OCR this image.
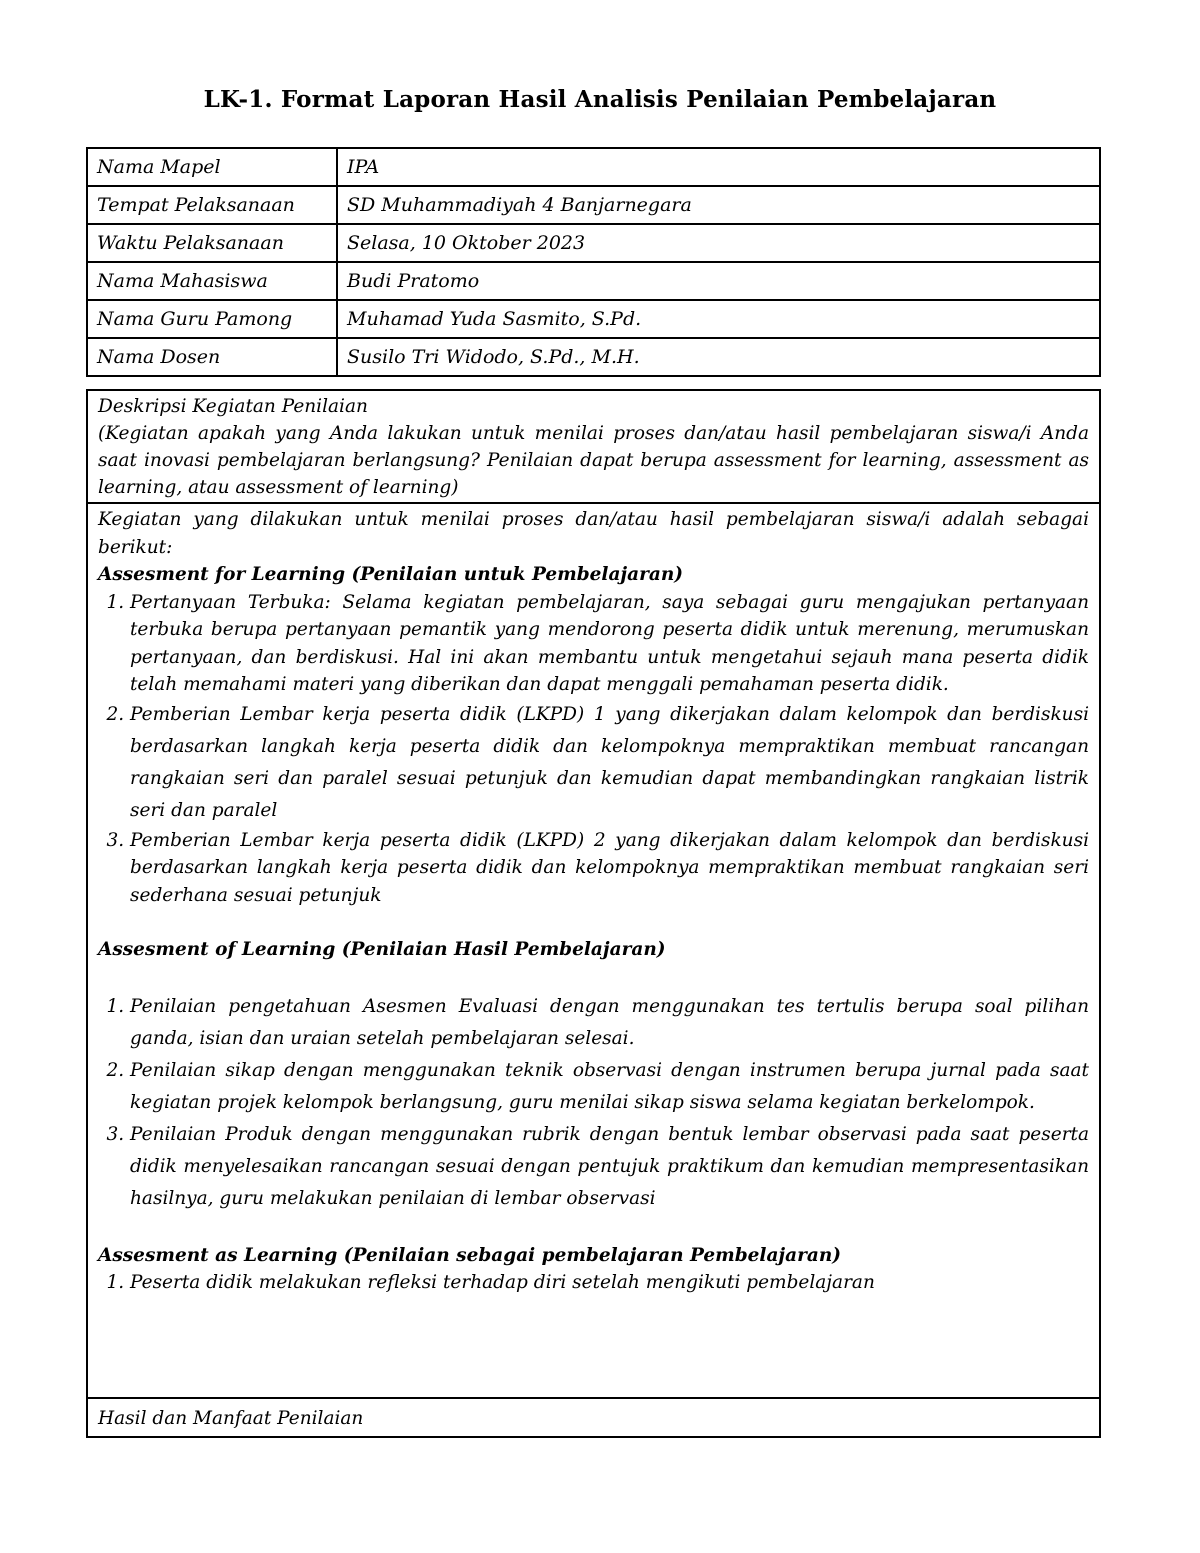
LK-1. Format Laporan Hasil Analisis Penilaian Pembelajaran
Nama Mapel	IPA
Tempat Pelaksanaan	SD Muhammadiyah 4 Banjarnegara
Waktu Pelaksanaan	Selasa, 10 Oktober 2023
Nama Mahasiswa	Budi Pratomo
Nama Guru Pamong	Muhamad Yuda Sasmito, S.Pd.
Nama Dosen	Susilo Tri Widodo, S.Pd., M.H.

Deskripsi Kegiatan Penilaian

(Kegiatan apakah yang Anda lakukan untuk menilai proses dan/atau hasil pembelajaran siswa/i Anda saat inovasi pembelajaran berlangsung? Penilaian dapat berupa assessment for learning, assessment as learning, atau assessment of learning)

Kegiatan yang dilakukan untuk menilai proses dan/atau hasil pembelajaran siswa/i adalah sebagai berikut:

Assesment for Learning (Penilaian untuk Pembelajaran)

1. Pertanyaan Terbuka: Selama kegiatan pembelajaran, saya sebagai guru mengajukan pertanyaan terbuka berupa pertanyaan pemantik yang mendorong peserta didik untuk merenung, merumuskan pertanyaan, dan berdiskusi. Hal ini akan membantu untuk mengetahui sejauh mana peserta didik telah memahami materi yang diberikan dan dapat menggali pemahaman peserta didik.
2. Pemberian Lembar kerja peserta didik (LKPD) 1 yang dikerjakan dalam kelompok dan berdiskusi berdasarkan langkah kerja peserta didik dan kelompoknya mempraktikan membuat rancangan rangkaian seri dan paralel sesuai petunjuk dan kemudian dapat membandingkan rangkaian listrik seri dan paralel
3. Pemberian Lembar kerja peserta didik (LKPD) 2 yang dikerjakan dalam kelompok dan berdiskusi berdasarkan langkah kerja peserta didik dan kelompoknya mempraktikan membuat rangkaian seri sederhana sesuai petunjuk

Assesment of Learning (Penilaian Hasil Pembelajaran)

1. Penilaian pengetahuan Asesmen Evaluasi dengan menggunakan tes tertulis berupa soal pilihan ganda, isian dan uraian setelah pembelajaran selesai.
2. Penilaian sikap dengan menggunakan teknik observasi dengan instrumen berupa jurnal pada saat kegiatan projek kelompok berlangsung, guru menilai sikap siswa selama kegiatan berkelompok.
3. Penilaian Produk dengan menggunakan rubrik dengan bentuk lembar observasi pada saat peserta didik menyelesaikan rancangan sesuai dengan pentujuk praktikum dan kemudian mempresentasikan hasilnya, guru melakukan penilaian di lembar observasi

Assesment as Learning (Penilaian sebagai pembelajaran Pembelajaran)

1. Peserta didik melakukan refleksi terhadap diri setelah mengikuti pembelajaran

Hasil dan Manfaat Penilaian
